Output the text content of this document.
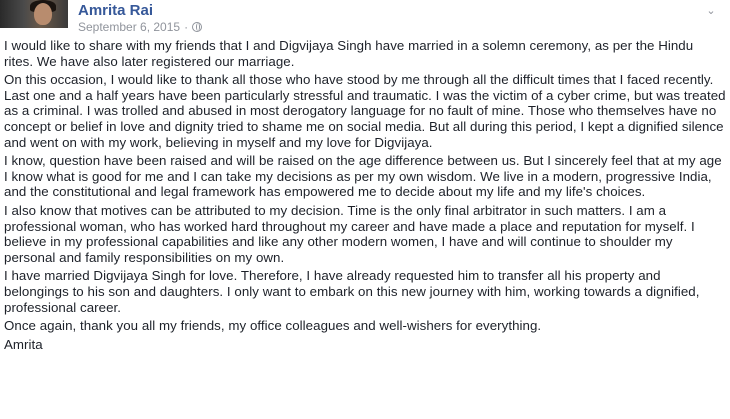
Amrita Rai
September 6, 2015 ·
⌄

I would like to share with my friends that I and Digvijaya Singh have married in a solemn ceremony, as per the Hindu rites. We have also later registered our marriage.

On this occasion, I would like to thank all those who have stood by me through all the difficult times that I faced recently. Last one and a half years have been particularly stressful and traumatic. I was the victim of a cyber crime, but was treated as a criminal. I was trolled and abused in most derogatory language for no fault of mine. Those who themselves have no concept or belief in love and dignity tried to shame me on social media. But all during this period, I kept a dignified silence and went on with my work, believing in myself and my love for Digvijaya.

I know, question have been raised and will be raised on the age difference between us. But I sincerely feel that at my age I know what is good for me and I can take my decisions as per my own wisdom. We live in a modern, progressive India, and the constitutional and legal framework has empowered me to decide about my life and my life's choices.

I also know that motives can be attributed to my decision. Time is the only final arbitrator in such matters. I am a professional woman, who has worked hard throughout my career and have made a place and reputation for myself. I believe in my professional capabilities and like any other modern women, I have and will continue to shoulder my personal and family responsibilities on my own.

I have married Digvijaya Singh for love. Therefore, I have already requested him to transfer all his property and belongings to his son and daughters. I only want to embark on this new journey with him, working towards a dignified, professional career.

Once again, thank you all my friends, my office colleagues and well-wishers for everything.

Amrita
